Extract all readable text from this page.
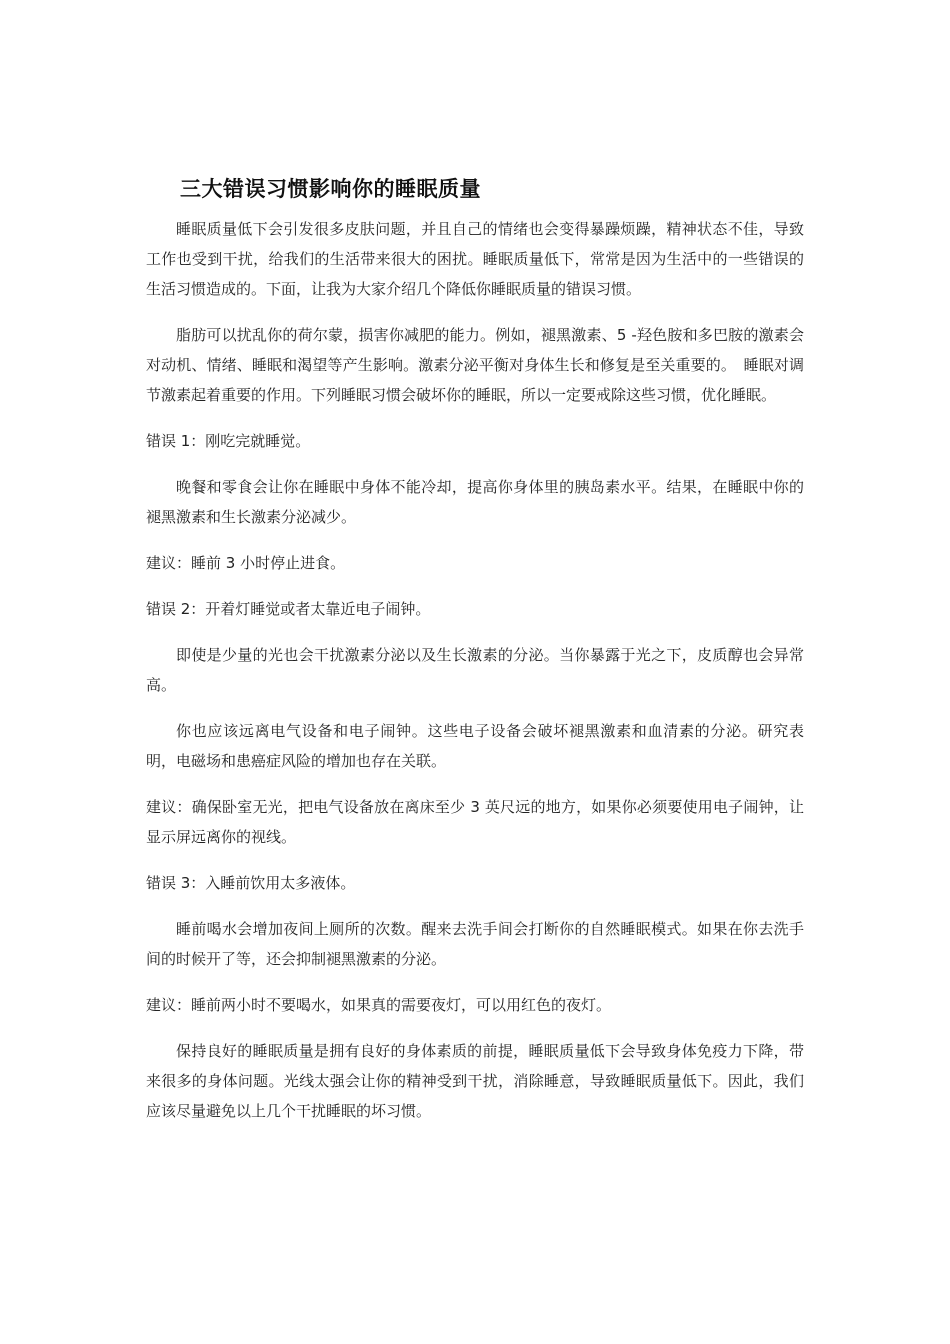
三大错误习惯影响你的睡眠质量

睡眠质量低下会引发很多皮肤问题，并且自己的情绪也会变得暴躁烦躁，精神状态不佳，导致工作也受到干扰，给我们的生活带来很大的困扰。睡眠质量低下，常常是因为生活中的一些错误的生活习惯造成的。下面，让我为大家介绍几个降低你睡眠质量的错误习惯。

脂肪可以扰乱你的荷尔蒙，损害你减肥的能力。例如，褪黑激素、5 -羟色胺和多巴胺的激素会对动机、情绪、睡眠和渴望等产生影响。激素分泌平衡对身体生长和修复是至关重要的。　睡眠对调节激素起着重要的作用。下列睡眠习惯会破坏你的睡眠，所以一定要戒除这些习惯，优化睡眠。

错误 1：刚吃完就睡觉。

晚餐和零食会让你在睡眠中身体不能冷却，提高你身体里的胰岛素水平。结果，在睡眠中你的褪黑激素和生长激素分泌减少。

建议：睡前 3 小时停止进食。

错误 2：开着灯睡觉或者太靠近电子闹钟。

即使是少量的光也会干扰激素分泌以及生长激素的分泌。当你暴露于光之下，皮质醇也会异常高。

你也应该远离电气设备和电子闹钟。这些电子设备会破坏褪黑激素和血清素的分泌。研究表明，电磁场和患癌症风险的增加也存在关联。

建议：确保卧室无光，把电气设备放在离床至少 3 英尺远的地方，如果你必须要使用电子闹钟，让显示屏远离你的视线。

错误 3：入睡前饮用太多液体。

睡前喝水会增加夜间上厕所的次数。醒来去洗手间会打断你的自然睡眠模式。如果在你去洗手间的时候开了等，还会抑制褪黑激素的分泌。

建议：睡前两小时不要喝水，如果真的需要夜灯，可以用红色的夜灯。

保持良好的睡眠质量是拥有良好的身体素质的前提，睡眠质量低下会导致身体免疫力下降，带来很多的身体问题。光线太强会让你的精神受到干扰，消除睡意，导致睡眠质量低下。因此，我们应该尽量避免以上几个干扰睡眠的坏习惯。
